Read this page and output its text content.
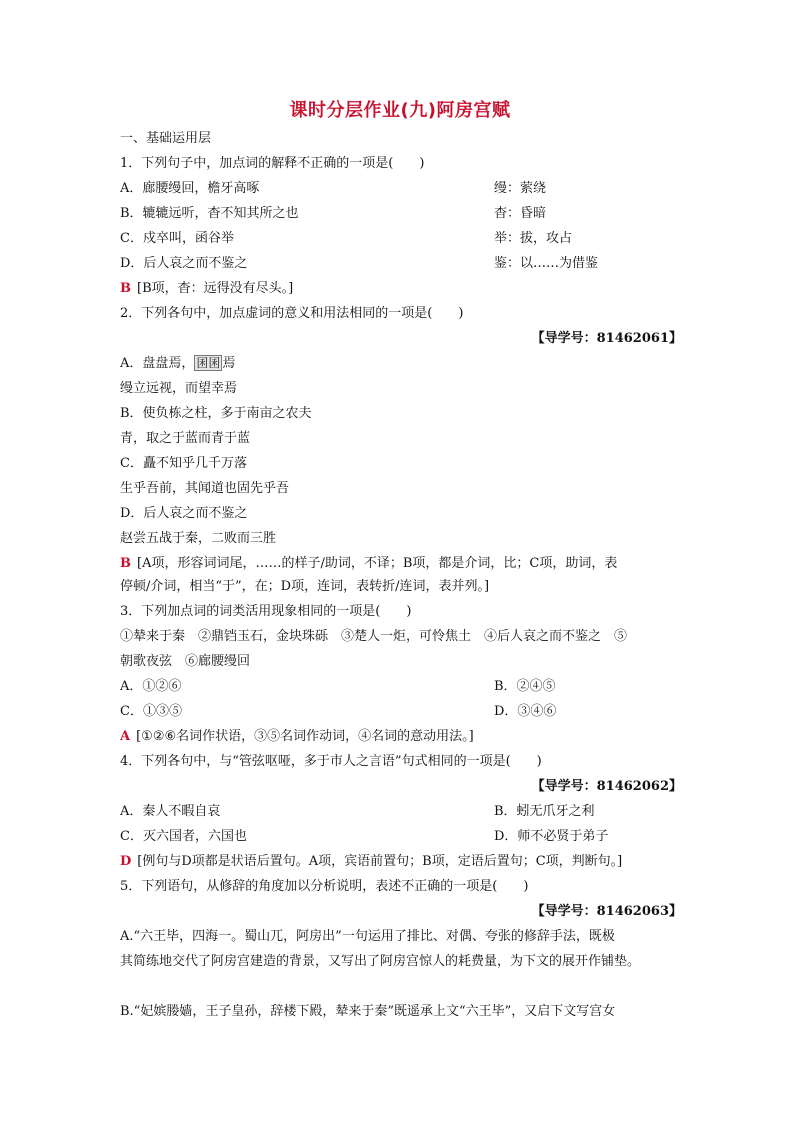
课时分层作业(九)阿房宫赋
一、基础运用层
1．下列句子中，加点词的解释不正确的一项是(　　)
A．廊腰缦回，檐牙高啄	缦：萦绕
B．辘辘远听，杳不知其所之也	杳：昏暗
C．戍卒叫，函谷举	举：拔，攻占
D．后人哀之而不鉴之	鉴：以……为借鉴
B [B项，杳：远得没有尽头。]
2．下列各句中，加点虚词的意义和用法相同的一项是(　　)
【导学号：81462061】
A．盘盘焉， 囷囷 焉
缦立远视，而望幸焉
B．使负栋之柱，多于南亩之农夫
青，取之于蓝而青于蓝
C．矗不知乎几千万落
生乎吾前，其闻道也固先乎吾
D．后人哀之而不鉴之
赵尝五战于秦，二败而三胜
B [A项，形容词词尾，……的样子/助词，不译；B项，都是介词，比；C项，助词，表
停顿/介词，相当“于”，在；D项，连词，表转折/连词，表并列。]
3．下列加点词的词类活用现象相同的一项是(　　)
①辇来于秦　②鼎铛玉石，金块珠砾　③楚人一炬，可怜焦土　④后人哀之而不鉴之　⑤
朝歌夜弦　⑥廊腰缦回
A．①②⑥	B．②④⑤
C．①③⑤	D．③④⑥
A [①②⑥名词作状语，③⑤名词作动词，④名词的意动用法。]
4．下列各句中，与“管弦呕哑，多于市人之言语”句式相同的一项是(　　)
【导学号：81462062】
A．秦人不暇自哀	B．蚓无爪牙之利
C．灭六国者，六国也	D．师不必贤于弟子
D [例句与D项都是状语后置句。A项，宾语前置句；B项，定语后置句；C项，判断句。]
5．下列语句，从修辞的角度加以分析说明，表述不正确的一项是(　　)
【导学号：81462063】
A.“六王毕，四海一。蜀山兀，阿房出”一句运用了排比、对偶、夸张的修辞手法，既极
其简练地交代了阿房宫建造的背景，又写出了阿房宫惊人的耗费量，为下文的展开作铺垫。
B.“妃嫔媵嫱，王子皇孙，辞楼下殿，辇来于秦”既遥承上文“六王毕”，又启下文写宫女
